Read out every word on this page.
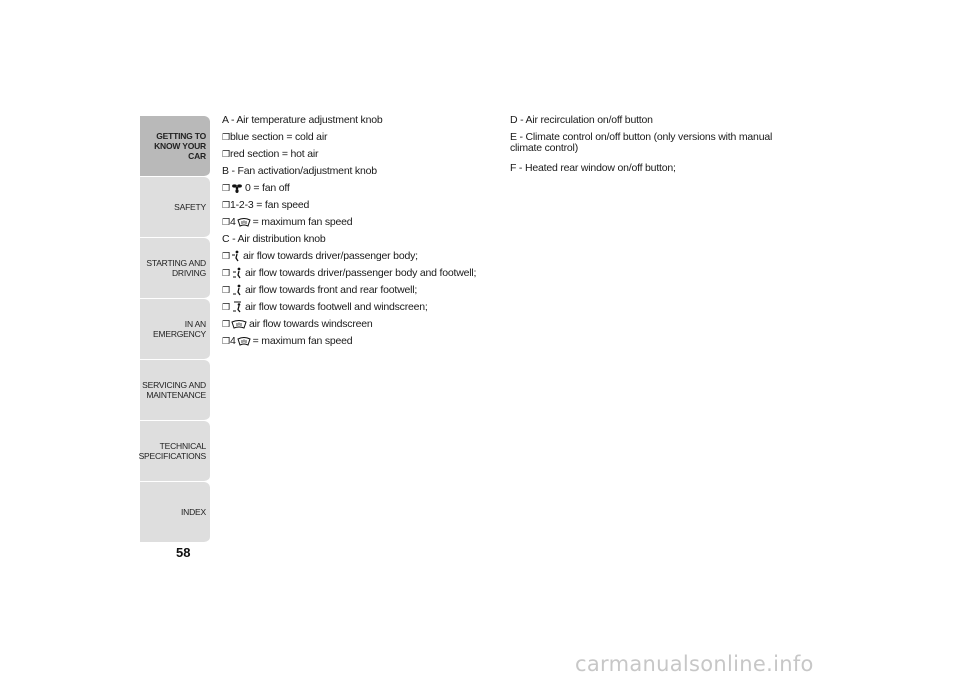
GETTING TO
KNOW YOUR CAR
SAFETY
STARTING AND
DRIVING
IN AN EMERGENCY
SERVICING AND
MAINTENANCE
TECHNICAL
SPECIFICATIONS
INDEX
58
A - Air temperature adjustment knob
❒blue section = cold air
❒red section = hot air
B - Fan activation/adjustment knob
❒ 0 = fan off
❒1-2-3 = fan speed
❒4 = maximum fan speed
C - Air distribution knob
❒ air flow towards driver/passenger body;
❒ air flow towards driver/passenger body and footwell;
❒ air flow towards front and rear footwell;
❒ air flow towards footwell and windscreen;
❒ air flow towards windscreen
❒4 = maximum fan speed
D - Air recirculation on/off button
E - Climate control on/off button (only versions with manual climate control)
F - Heated rear window on/off button;
carmanualsonline.info
